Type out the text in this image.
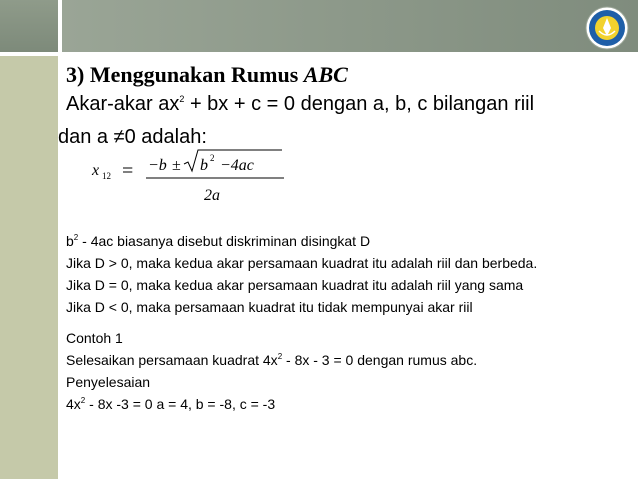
3) Menggunakan Rumus ABC
Akar-akar $ax^2$ + bx + c = 0 dengan a, b, c bilangan riil
dan a ≠0 adalah:
x 12 = −b ± b 2 −4ac
2a
$b^2 - 4ac$ biasanya disebut diskriminan disingkat D
Jika D > 0, maka kedua akar persamaan kuadrat itu adalah riil dan berbeda.
Jika D = 0, maka kedua akar persamaan kuadrat itu adalah riil yang sama
Jika D < 0, maka persamaan kuadrat itu tidak mempunyai akar riil
Contoh 1
Selesaikan persamaan kuadrat $4x^2 - 8x - 3 = 0$ dengan rumus abc.
Penyelesaian
$4x^2 - 8x$ -3 = 0 a = 4, b = -8, c = -3
